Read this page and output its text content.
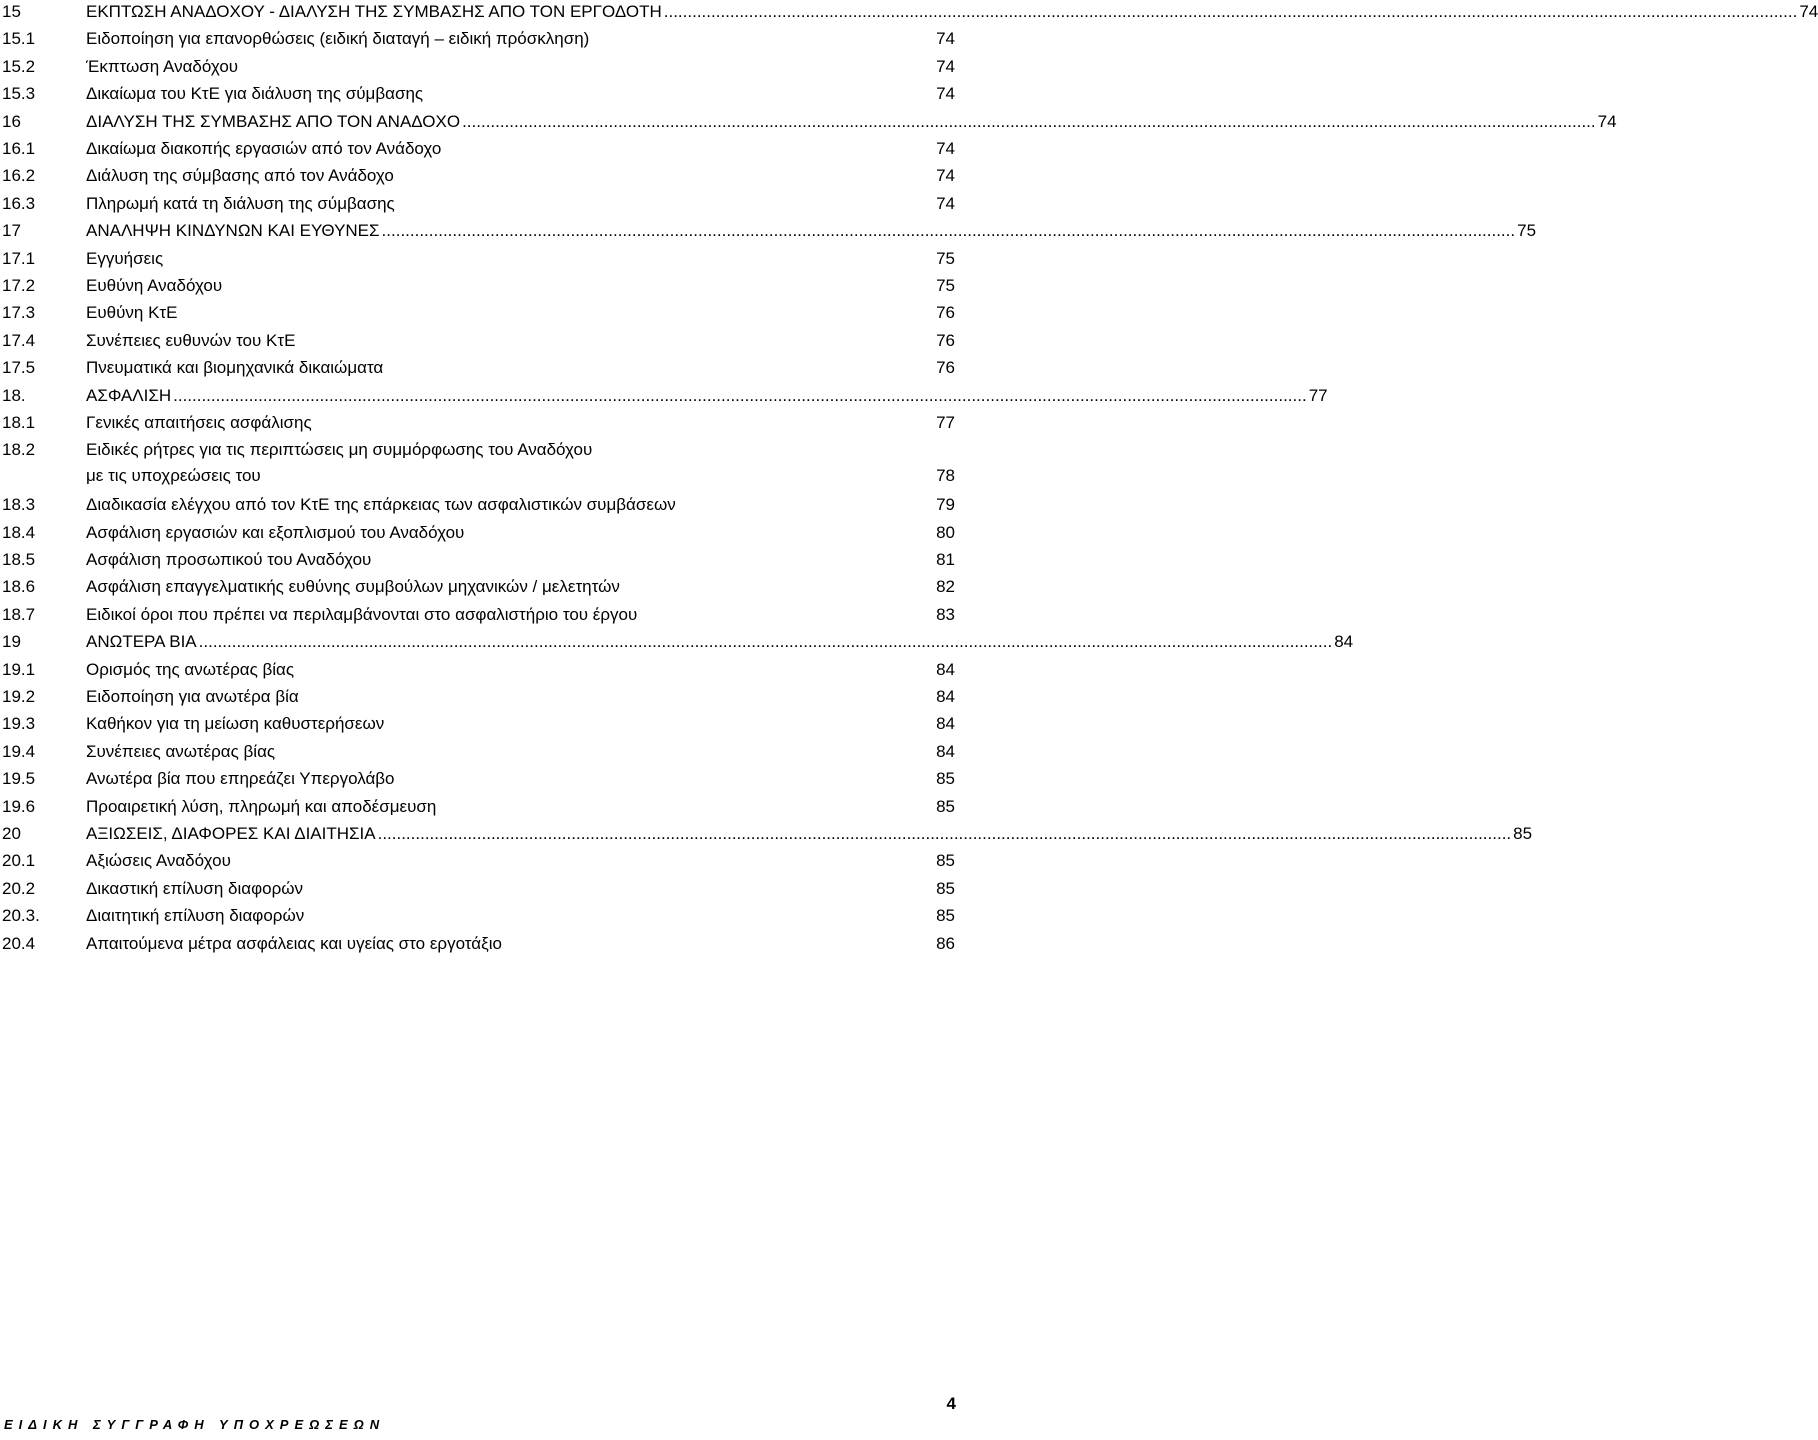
15	ΕΚΠΤΩΣΗ ΑΝΑΔΟΧΟΥ - ΔΙΑΛΥΣΗ ΤΗΣ ΣΥΜΒΑΣΗΣ ΑΠΟ ΤΟΝ ΕΡΓΟΔΟΤΗ .....	74
15.1	Ειδοποίηση για επανορθώσεις (ειδική διαταγή – ειδική πρόσκληση)	74
15.2	Έκπτωση Αναδόχου	74
15.3	Δικαίωμα του ΚτΕ για διάλυση της σύμβασης	74
16	ΔΙΑΛΥΣΗ ΤΗΣ ΣΥΜΒΑΣΗΣ ΑΠΟ ΤΟΝ ΑΝΑΔΟΧΟ .....	74
16.1	Δικαίωμα διακοπής εργασιών από τον Ανάδοχο	74
16.2	Διάλυση της σύμβασης από τον Ανάδοχο	74
16.3	Πληρωμή κατά τη διάλυση της σύμβασης	74
17	ΑΝΑΛΗΨΗ ΚΙΝΔΥΝΩΝ ΚΑΙ ΕΥΘΥΝΕΣ .....	75
17.1	Εγγυήσεις	75
17.2	Ευθύνη Αναδόχου	75
17.3	Ευθύνη ΚτΕ	76
17.4	Συνέπειες ευθυνών του ΚτΕ	76
17.5	Πνευματικά και βιομηχανικά δικαιώματα	76
18.	ΑΣΦΑΛΙΣΗ .....	77
18.1	Γενικές απαιτήσεις ασφάλισης	77
18.2	Ειδικές ρήτρες για τις περιπτώσεις μη συμμόρφωσης του Αναδόχου
με τις υποχρεώσεις του	78
18.3	Διαδικασία ελέγχου από τον ΚτΕ της επάρκειας των ασφαλιστικών συμβάσεων	79
18.4	Ασφάλιση εργασιών και εξοπλισμού του Αναδόχου	80
18.5	Ασφάλιση προσωπικού του Αναδόχου	81
18.6	Ασφάλιση επαγγελματικής ευθύνης συμβούλων μηχανικών / μελετητών	82
18.7	Ειδικοί όροι που πρέπει να περιλαμβάνονται στο ασφαλιστήριο του έργου	83
19	ΑΝΩΤΕΡΑ ΒΙΑ .....	84
19.1	Ορισμός της ανωτέρας βίας	84
19.2	Ειδοποίηση για ανωτέρα βία	84
19.3	Καθήκον για τη μείωση καθυστερήσεων	84
19.4	Συνέπειες ανωτέρας βίας	84
19.5	Ανωτέρα βία που επηρεάζει Υπεργολάβο	85
19.6	Προαιρετική λύση, πληρωμή και αποδέσμευση	85
20	ΑΞΙΩΣΕΙΣ, ΔΙΑΦΟΡΕΣ ΚΑΙ ΔΙΑΙΤΗΣΙΑ .....	85
20.1	Αξιώσεις Αναδόχου	85
20.2	Δικαστική επίλυση διαφορών	85
20.3.	Διαιτητική επίλυση διαφορών	85
20.4	Απαιτούμενα μέτρα ασφάλειας και υγείας στο εργοτάξιο	86
ΕΙΔΙΚΗ ΣΥΓΓΡΑΦΗ ΥΠΟΧΡΕΩΣΕΩΝ
4
